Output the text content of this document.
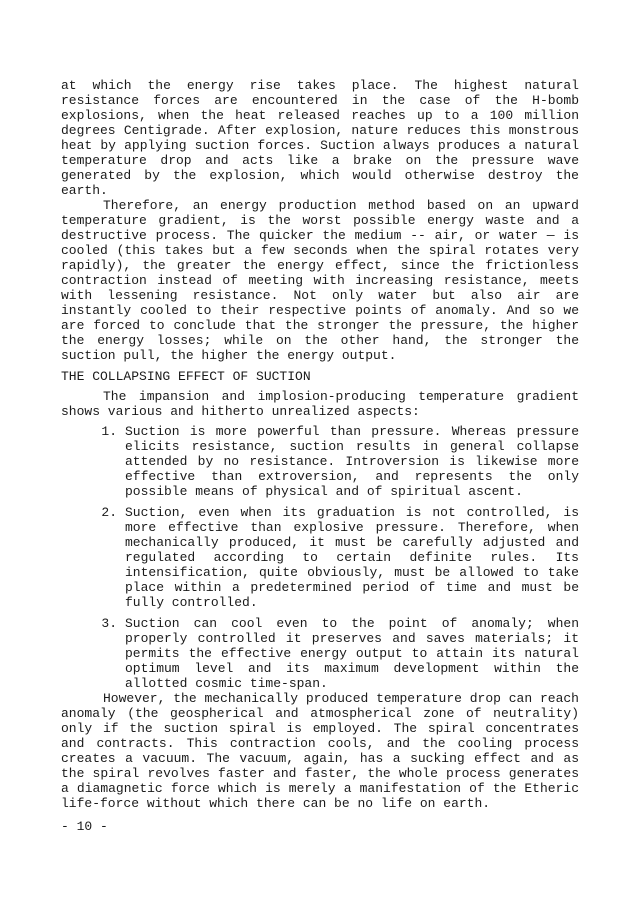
at which the energy rise takes place. The highest natural resistance forces are encountered in the case of the H-bomb explosions, when the heat released reaches up to a 100 million degrees Centigrade. After explosion, nature reduces this monstrous heat by applying suction forces. Suction always produces a natural temperature drop and acts like a brake on the pressure wave generated by the explosion, which would otherwise destroy the earth.

Therefore, an energy production method based on an upward temperature gradient, is the worst possible energy waste and a destructive process. The quicker the medium -- air, or water — is cooled (this takes but a few seconds when the spiral rotates very rapidly), the greater the energy effect, since the frictionless contraction instead of meeting with increasing resistance, meets with lessening resistance. Not only water but also air are instantly cooled to their respective points of anomaly. And so we are forced to conclude that the stronger the pressure, the higher the energy losses; while on the other hand, the stronger the suction pull, the higher the energy output.

THE COLLAPSING EFFECT OF SUCTION

The impansion and implosion-producing temperature gradient shows various and hitherto unrealized aspects:

1. Suction is more powerful than pressure. Whereas pressure elicits resistance, suction results in general collapse attended by no resistance. Introversion is likewise more effective than extroversion, and represents the only possible means of physical and of spiritual ascent.

2. Suction, even when its graduation is not controlled, is more effective than explosive pressure. Therefore, when mechanically produced, it must be carefully adjusted and regulated according to certain definite rules. Its intensification, quite obviously, must be allowed to take place within a predetermined period of time and must be fully controlled.

3. Suction can cool even to the point of anomaly; when properly controlled it preserves and saves materials; it permits the effective energy output to attain its natural optimum level and its maximum development within the allotted cosmic time-span.

However, the mechanically produced temperature drop can reach anomaly (the geospherical and atmospherical zone of neutrality) only if the suction spiral is employed. The spiral concentrates and contracts. This contraction cools, and the cooling process creates a vacuum. The vacuum, again, has a sucking effect and as the spiral revolves faster and faster, the whole process generates a diamagnetic force which is merely a manifestation of the Etheric life-force without which there can be no life on earth.

- 10 -
